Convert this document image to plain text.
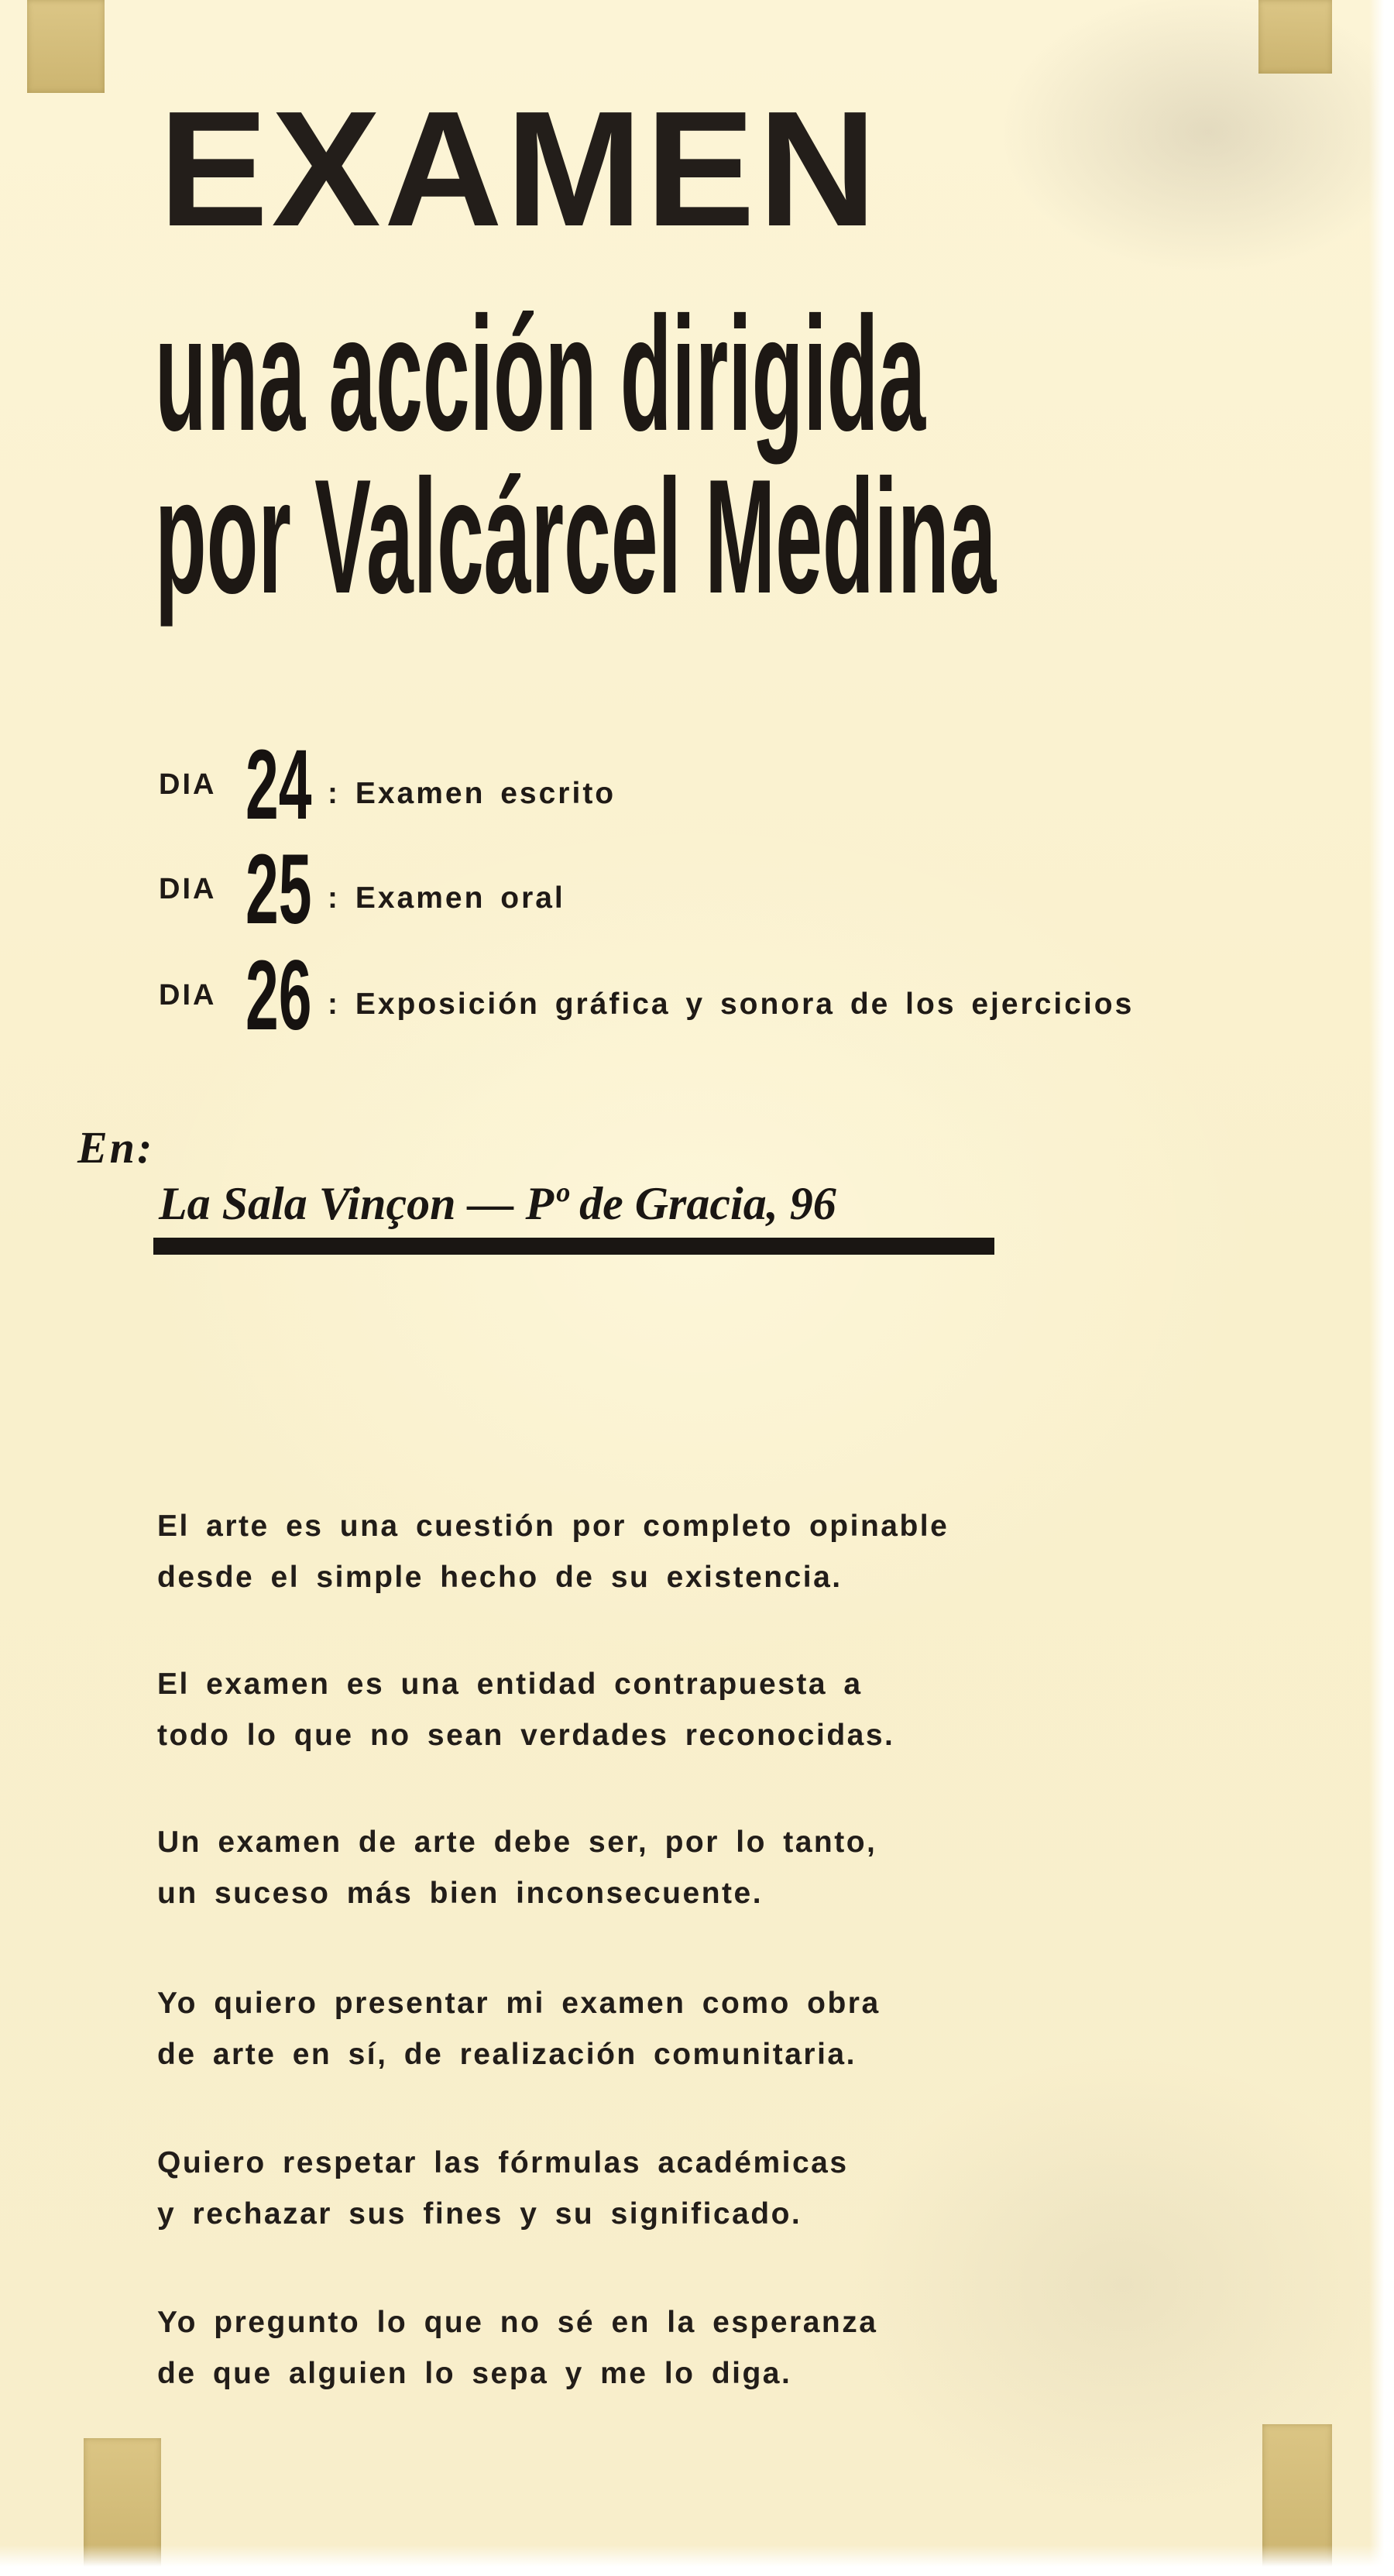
EXAMEN
una acción dirigida
por Valcárcel Medina
DIA 24 : Examen escrito
DIA 25 : Examen oral
DIA 26 : Exposición gráfica y sonora de los ejercicios
En:
La Sala Vinçon — Pº de Gracia, 96

El arte es una cuestión por completo opinable
desde el simple hecho de su existencia.

El examen es una entidad contrapuesta a
todo lo que no sean verdades reconocidas.

Un examen de arte debe ser, por lo tanto,
un suceso más bien inconsecuente.

Yo quiero presentar mi examen como obra
de arte en sí, de realización comunitaria.

Quiero respetar las fórmulas académicas
y rechazar sus fines y su significado.

Yo pregunto lo que no sé en la esperanza
de que alguien lo sepa y me lo diga.
